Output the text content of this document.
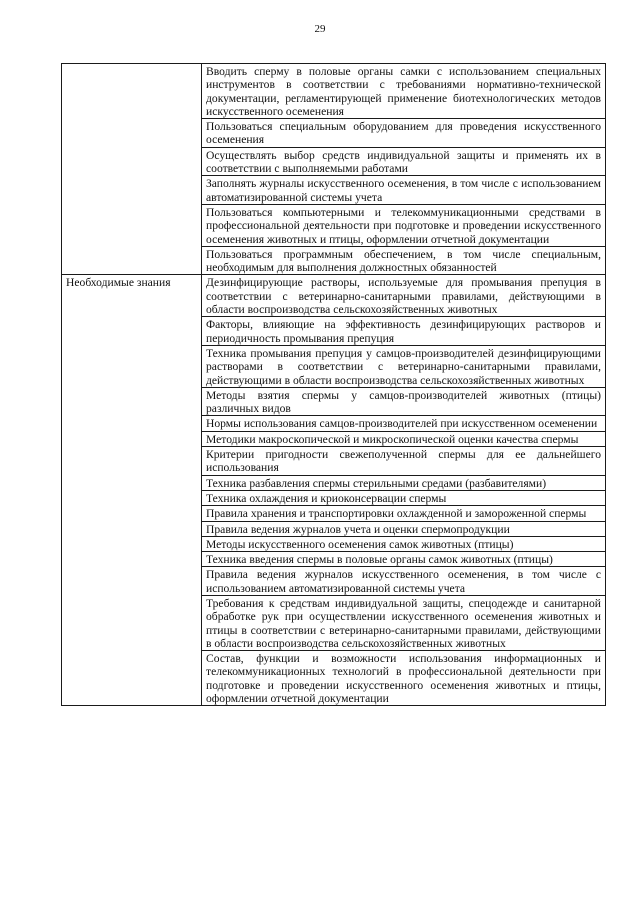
29
	Вводить сперму в половые органы самки с использованием специальных инструментов в соответствии с требованиями нормативно-технической документации, регламентирующей применение биотехнологических методов искусственного осеменения
	Пользоваться специальным оборудованием для проведения искусственного осеменения
	Осуществлять выбор средств индивидуальной защиты и применять их в соответствии с выполняемыми работами
	Заполнять журналы искусственного осеменения, в том числе с использованием автоматизированной системы учета
	Пользоваться компьютерными и телекоммуникационными средствами в профессиональной деятельности при подготовке и проведении искусственного осеменения животных и птицы, оформлении отчетной документации
	Пользоваться программным обеспечением, в том числе специальным, необходимым для выполнения должностных обязанностей
Необходимые знания	Дезинфицирующие растворы, используемые для промывания препуция в соответствии с ветеринарно-санитарными правилами, действующими в области воспроизводства сельскохозяйственных животных
	Факторы, влияющие на эффективность дезинфицирующих растворов и периодичность промывания препуция
	Техника промывания препуция у самцов-производителей дезинфицирующими растворами в соответствии с ветеринарно-санитарными правилами, действующими в области воспроизводства сельскохозяйственных животных
	Методы взятия спермы у самцов-производителей животных (птицы) различных видов
	Нормы использования самцов-производителей при искусственном осеменении
	Методики макроскопической и микроскопической оценки качества спермы
	Критерии пригодности свежеполученной спермы для ее дальнейшего использования
	Техника разбавления спермы стерильными средами (разбавителями)
	Техника охлаждения и криоконсервации спермы
	Правила хранения и транспортировки охлажденной и замороженной спермы
	Правила ведения журналов учета и оценки спермопродукции
	Методы искусственного осеменения самок животных (птицы)
	Техника введения спермы в половые органы самок животных (птицы)
	Правила ведения журналов искусственного осеменения, в том числе с использованием автоматизированной системы учета
	Требования к средствам индивидуальной защиты, спецодежде и санитарной обработке рук при осуществлении искусственного осеменения животных и птицы в соответствии с ветеринарно-санитарными правилами, действующими в области воспроизводства сельскохозяйственных животных
	Состав, функции и возможности использования информационных и телекоммуникационных технологий в профессиональной деятельности при подготовке и проведении искусственного осеменения животных и птицы, оформлении отчетной документации
